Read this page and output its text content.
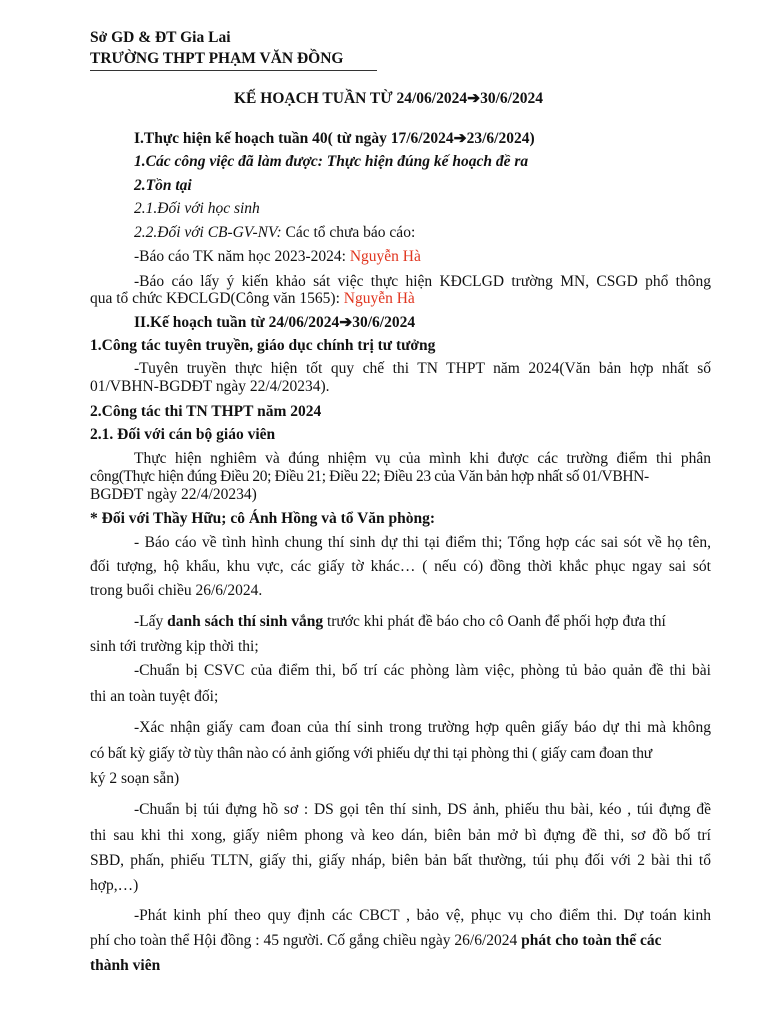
Sở GD & ĐT Gia Lai
TRƯỜNG THPT PHẠM VĂN ĐỒNG
KẾ HOẠCH TUẦN TỪ 24/06/2024➔30/6/2024
I.Thực hiện kế hoạch tuần 40( từ ngày 17/6/2024➔23/6/2024)
1.Các công việc đã làm được: Thực hiện đúng kế hoạch đề ra
2.Tồn tại
2.1.Đối với học sinh
2.2.Đối với CB-GV-NV: Các tổ chưa báo cáo:
-Báo cáo TK năm học 2023-2024: Nguyễn Hà
-Báo cáo lấy ý kiến khảo sát việc thực hiện KĐCLGD trường MN, CSGD phổ thông
qua tổ chức KĐCLGD(Công văn 1565): Nguyễn Hà
II.Kế hoạch tuần từ 24/06/2024➔30/6/2024
1.Công tác tuyên truyền, giáo dục chính trị tư tưởng
-Tuyên truyền thực hiện tốt quy chế thi TN THPT năm 2024(Văn bản hợp nhất số
01/VBHN-BGDĐT ngày 22/4/20234).
2.Công tác thi TN THPT năm 2024
2.1. Đối với cán bộ giáo viên
Thực hiện nghiêm và đúng nhiệm vụ của mình khi được các trường điểm thi phân
công(Thực hiện đúng Điều 20; Điều 21; Điều 22; Điều 23 của Văn bản hợp nhất số 01/VBHN-
BGDĐT ngày 22/4/20234)
* Đối với Thầy Hữu; cô Ánh Hồng và tổ Văn phòng:
- Báo cáo về tình hình chung thí sinh dự thi tại điểm thi; Tổng hợp các sai sót về họ tên,
đối tượng, hộ khẩu, khu vực, các giấy tờ khác… ( nếu có) đồng thời khắc phục ngay sai sót
trong buổi chiều 26/6/2024.
-Lấy danh sách thí sinh vắng trước khi phát đề báo cho cô Oanh để phối hợp đưa thí
sinh tới trường kịp thời thi;
-Chuẩn bị CSVC của điểm thi, bố trí các phòng làm việc, phòng tủ bảo quản đề thi bài
thi an toàn tuyệt đối;
-Xác nhận giấy cam đoan của thí sinh trong trường hợp quên giấy báo dự thi mà không
có bất kỳ giấy tờ tùy thân nào có ảnh giống với phiếu dự thi tại phòng thi ( giấy cam đoan thư
ký 2 soạn sẵn)
-Chuẩn bị túi đựng hồ sơ : DS gọi tên thí sinh, DS ảnh, phiếu thu bài, kéo , túi đựng đề
thi sau khi thi xong, giấy niêm phong và keo dán, biên bản mở bì đựng đề thi, sơ đồ bố trí
SBD, phấn, phiếu TLTN, giấy thi, giấy nháp, biên bản bất thường, túi phụ đối với 2 bài thi tổ
hợp,…)
-Phát kinh phí theo quy định các CBCT , bảo vệ, phục vụ cho điểm thi. Dự toán kinh
phí cho toàn thể Hội đồng : 45 người. Cố gắng chiều ngày 26/6/2024 phát cho toàn thể các
thành viên
